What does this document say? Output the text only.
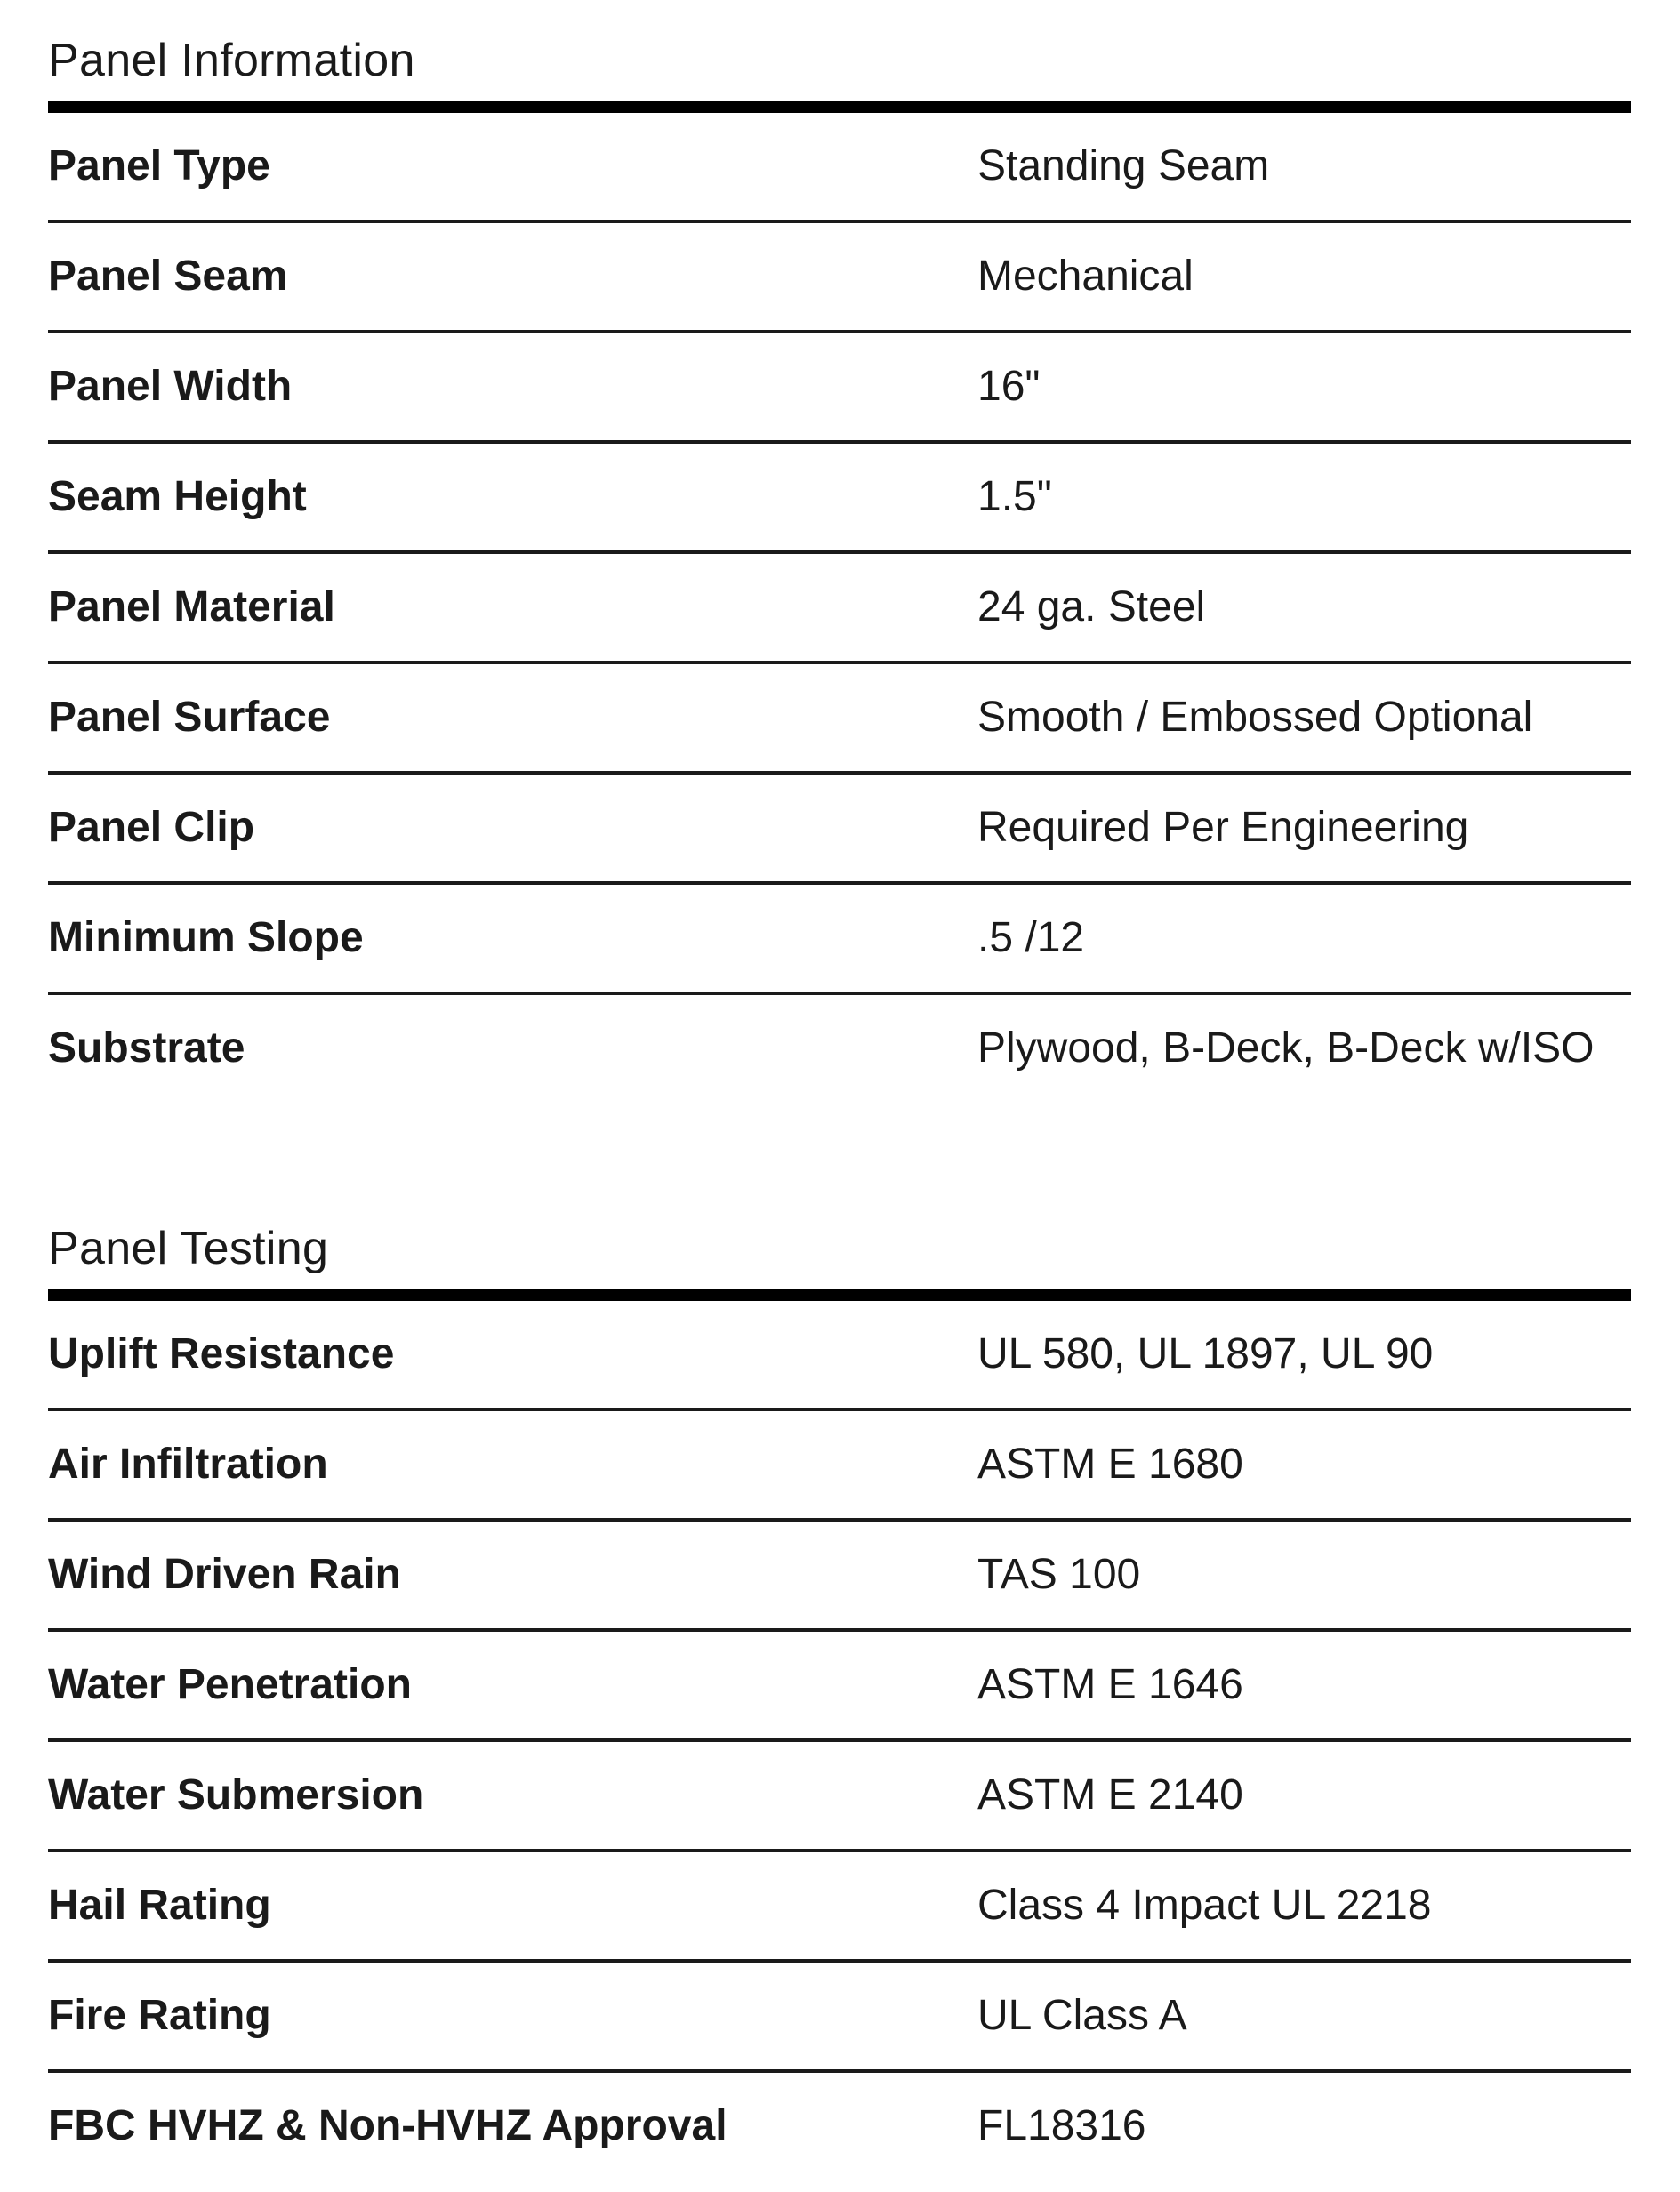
Panel Information
Panel Type	Standing Seam
Panel Seam	Mechanical
Panel Width	16"
Seam Height	1.5"
Panel Material	24 ga. Steel
Panel Surface	Smooth / Embossed Optional
Panel Clip	Required Per Engineering
Minimum Slope	.5 /12
Substrate	Plywood, B-Deck, B-Deck w/ISO
Panel Testing
Uplift Resistance	UL 580, UL 1897, UL 90
Air Infiltration	ASTM E 1680
Wind Driven Rain	TAS 100
Water Penetration	ASTM E 1646
Water Submersion	ASTM E 2140
Hail Rating	Class 4 Impact UL 2218
Fire Rating	UL Class A
FBC HVHZ & Non-HVHZ Approval	FL18316
